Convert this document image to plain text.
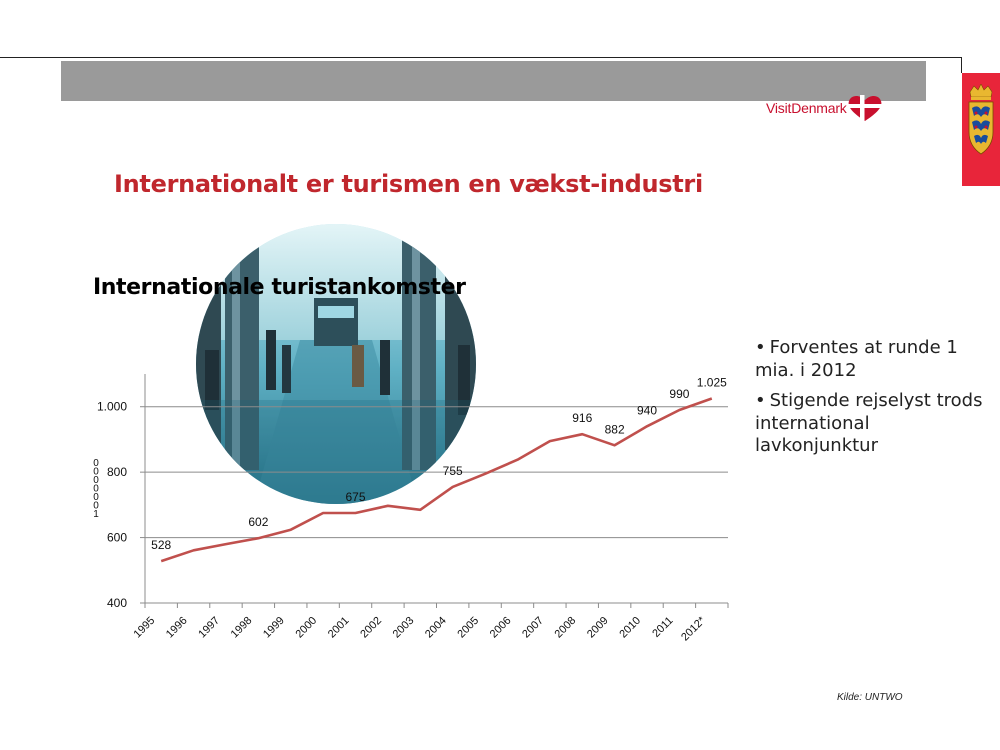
VisitDenmark
Internationalt er turismen en vækst-industri
Internationale turistankomster
400
600
800
1.000
0
0
0
0
0
0
1
1995 1996 1997 1998 1999 2000 2001 2002 2003 2004 2005 2006 2007 2008 2009 2010 2011 2012*
528
602
675
755
916
882
940
990
1.025
• Forventes at runde 1 mia. i 2012
• Stigende rejselyst trods international lavkonjunktur
Kilde: UNTWO
